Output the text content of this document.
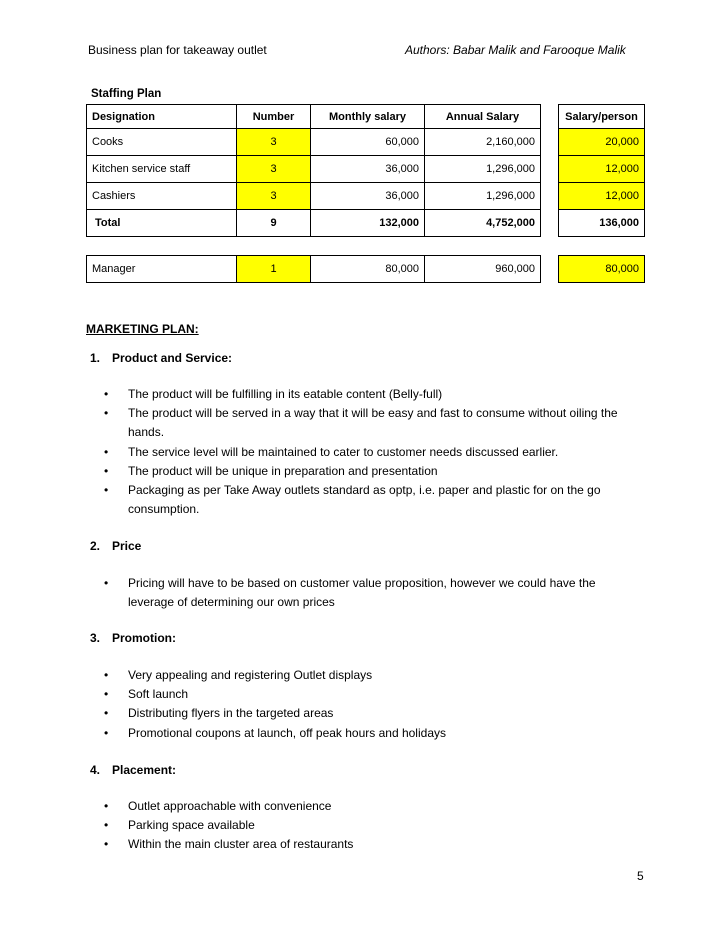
Business plan for takeaway outlet	Authors: Babar Malik and Farooque Malik
Staffing Plan
Designation	Number	Monthly salary	Annual Salary		Salary/person
Cooks	3	60,000	2,160,000		20,000
Kitchen service staff	3	36,000	1,296,000		12,000
Cashiers	3	36,000	1,296,000		12,000
Total	9	132,000	4,752,000		136,000

Manager	1	80,000	960,000		80,000
MARKETING PLAN:
1. Product and Service:
• The product will be fulfilling in its eatable content (Belly-full)
• The product will be served in a way that it will be easy and fast to consume without oiling the hands.
• The service level will be maintained to cater to customer needs discussed earlier.
• The product will be unique in preparation and presentation
• Packaging as per Take Away outlets standard as optp, i.e. paper and plastic for on the go consumption.
2. Price
• Pricing will have to be based on customer value proposition, however we could have the leverage of determining our own prices
3. Promotion:
• Very appealing and registering Outlet displays
• Soft launch
• Distributing flyers in the targeted areas
• Promotional coupons at launch, off peak hours and holidays
4. Placement:
• Outlet approachable with convenience
• Parking space available
• Within the main cluster area of restaurants
5
